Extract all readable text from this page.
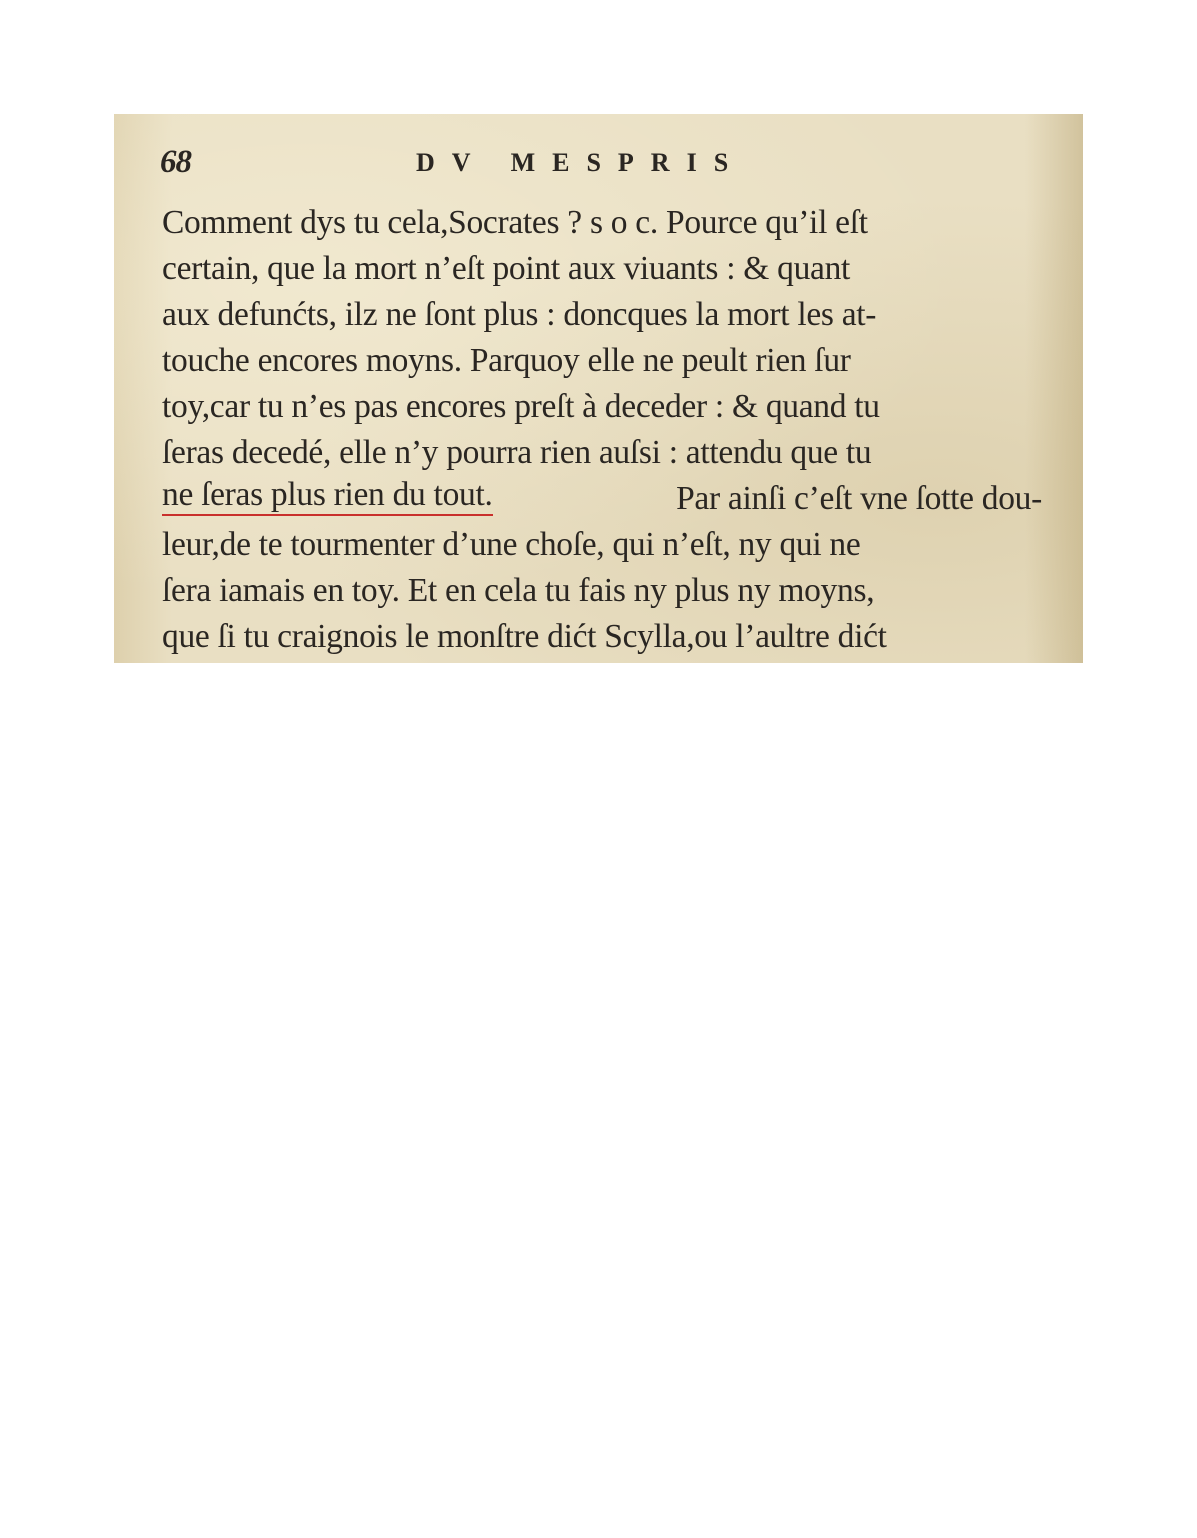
68	DV MESPRIS
Comment dys tu cela,Socrates ? s o c. Pource qu’il eſt
certain, que la mort n’eſt point aux viuants : & quant
aux defunćts, ilz ne ſont plus : doncques la mort les at-
touche encores moyns. Parquoy elle ne peult rien ſur
toy,car tu n’es pas encores preſt à deceder : & quand tu
ſeras decedé, elle n’y pourra rien auſsi : attendu que tu
ne ſeras plus rien du tout.	Par ainſi c’eſt vne ſotte dou-
leur,de te tourmenter d’une choſe, qui n’eſt, ny qui ne
ſera iamais en toy. Et en cela tu fais ny plus ny moyns,
que ſi tu craignois le monſtre dićt Scylla,ou l’aultre dićt
